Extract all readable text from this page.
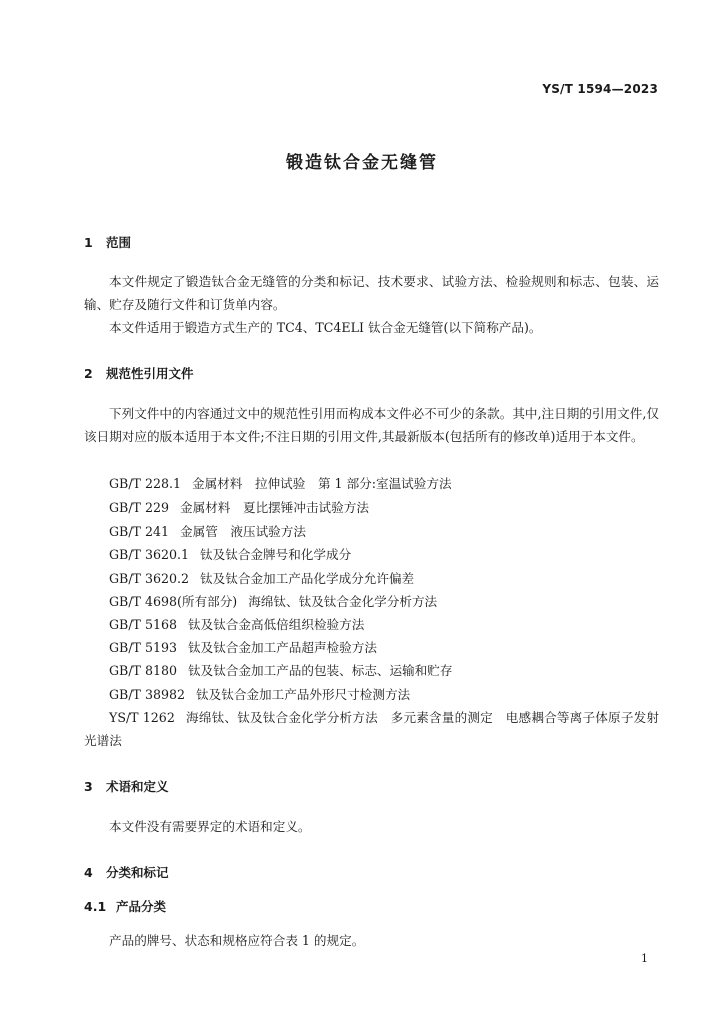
YS/T 1594—2023
锻造钛合金无缝管
1 范围
本文件规定了锻造钛合金无缝管的分类和标记、技术要求、试验方法、检验规则和标志、包装、运输、贮存及随行文件和订货单内容。
本文件适用于锻造方式生产的 TC4、TC4ELI 钛合金无缝管(以下简称产品)。
2 规范性引用文件
下列文件中的内容通过文中的规范性引用而构成本文件必不可少的条款。其中,注日期的引用文件,仅该日期对应的版本适用于本文件;不注日期的引用文件,其最新版本(包括所有的修改单)适用于本文件。
GB/T 228.1 金属材料　拉伸试验　第 1 部分:室温试验方法
GB/T 229 金属材料　夏比摆锤冲击试验方法
GB/T 241 金属管　液压试验方法
GB/T 3620.1 钛及钛合金牌号和化学成分
GB/T 3620.2 钛及钛合金加工产品化学成分允许偏差
GB/T 4698(所有部分) 海绵钛、钛及钛合金化学分析方法
GB/T 5168 钛及钛合金高低倍组织检验方法
GB/T 5193 钛及钛合金加工产品超声检验方法
GB/T 8180 钛及钛合金加工产品的包装、标志、运输和贮存
GB/T 38982 钛及钛合金加工产品外形尺寸检测方法
YS/T 1262 海绵钛、钛及钛合金化学分析方法　多元素含量的测定　电感耦合等离子体原子发射光谱法
3 术语和定义
本文件没有需要界定的术语和定义。
4 分类和标记
4.1 产品分类
产品的牌号、状态和规格应符合表 1 的规定。
1
